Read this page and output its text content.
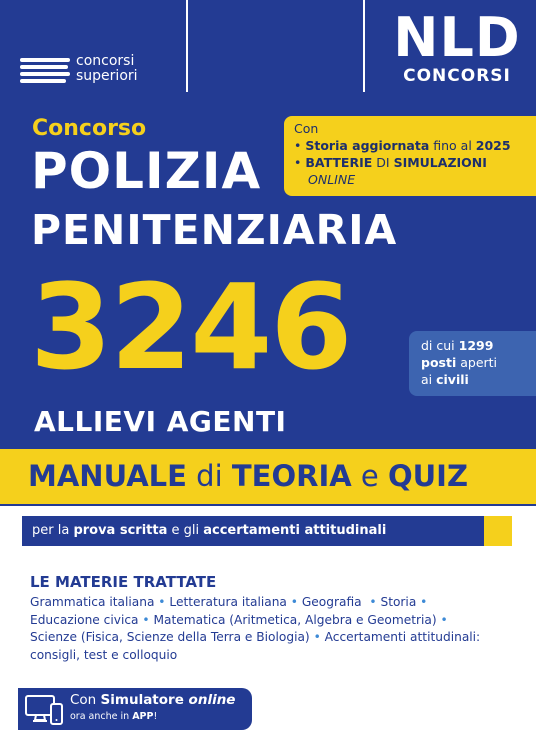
concorsi
superiori
NLD
CONCORSI
Concorso
POLIZIA
PENITENZIARIA
Con
• Storia aggiornata fino al 2025
• BATTERIE DI SIMULAZIONI
ONLINE
3246	di cui 1299
posti aperti
ai civili
ALLIEVI AGENTI
MANUALE di TEORIA e QUIZ
per la prova scritta e gli accertamenti attitudinali
LE MATERIE TRATTATE
Grammatica italiana • Letteratura italiana • Geografia • Storia •
Educazione civica • Matematica (Aritmetica, Algebra e Geometria) •
Scienze (Fisica, Scienze della Terra e Biologia) • Accertamenti attitudinali: consigli, test e colloquio
Con Simulatore online
ora anche in APP!
